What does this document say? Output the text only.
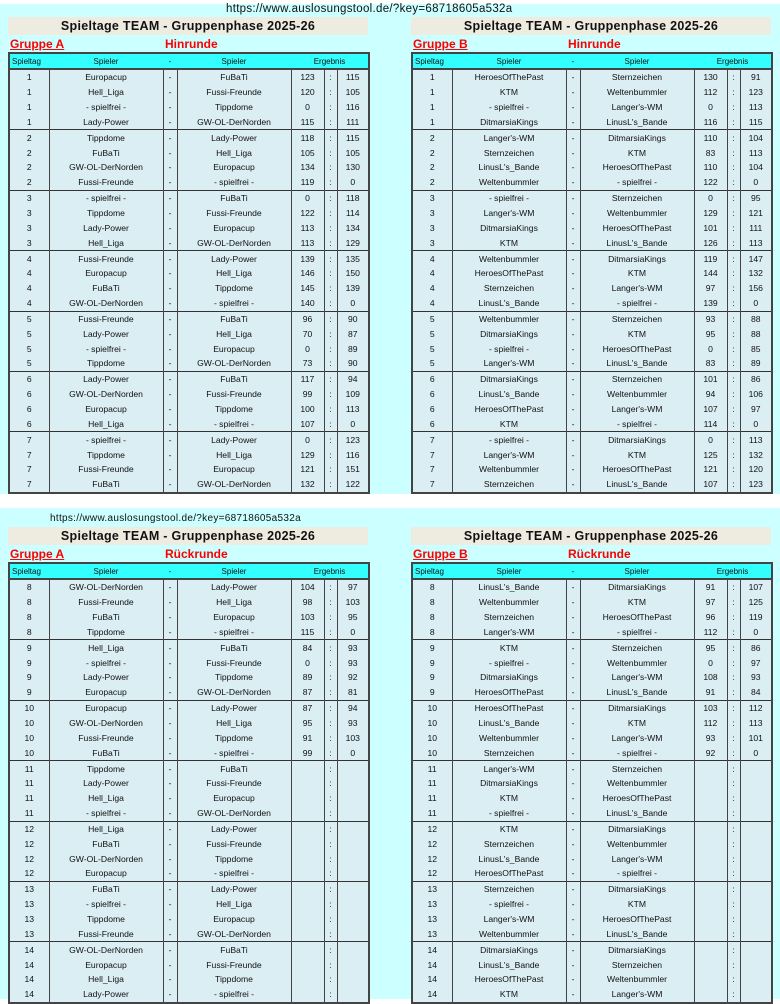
https://www.auslosungstool.de/?key=68718605a532a
https://www.auslosungstool.de/?key=68718605a532a
Spieltage TEAM - Gruppenphase 2025-26
Gruppe A	Hinrunde
Spieltag	Spieler	-	Spieler	Ergebnis		
1	Europacup	-	FuBaTi	123	:	115
1	Hell_Liga	-	Fussi-Freunde	120	:	105
1	- spielfrei -	-	Tippdome	0	:	116
1	Lady-Power	-	GW-OL-DerNorden	115	:	111
2	Tippdome	-	Lady-Power	118	:	115
2	FuBaTi	-	Hell_Liga	105	:	105
2	GW-OL-DerNorden	-	Europacup	134	:	130
2	Fussi-Freunde	-	- spielfrei -	119	:	0
3	- spielfrei -	-	FuBaTi	0	:	118
3	Tippdome	-	Fussi-Freunde	122	:	114
3	Lady-Power	-	Europacup	113	:	134
3	Hell_Liga	-	GW-OL-DerNorden	113	:	129
4	Fussi-Freunde	-	Lady-Power	139	:	135
4	Europacup	-	Hell_Liga	146	:	150
4	FuBaTi	-	Tippdome	145	:	139
4	GW-OL-DerNorden	-	- spielfrei -	140	:	0
5	Fussi-Freunde	-	FuBaTi	96	:	90
5	Lady-Power	-	Hell_Liga	70	:	87
5	- spielfrei -	-	Europacup	0	:	89
5	Tippdome	-	GW-OL-DerNorden	73	:	90
6	Lady-Power	-	FuBaTi	117	:	94
6	GW-OL-DerNorden	-	Fussi-Freunde	99	:	109
6	Europacup	-	Tippdome	100	:	113
6	Hell_Liga	-	- spielfrei -	107	:	0
7	- spielfrei -	-	Lady-Power	0	:	123
7	Tippdome	-	Hell_Liga	129	:	116
7	Fussi-Freunde	-	Europacup	121	:	151
7	FuBaTi	-	GW-OL-DerNorden	132	:	122
Spieltage TEAM - Gruppenphase 2025-26
Gruppe B	Hinrunde
Spieltag	Spieler	-	Spieler	Ergebnis		
1	HeroesOfThePast	-	Sternzeichen	130	:	91
1	KTM	-	Weltenbummler	112	:	123
1	- spielfrei -	-	Langer's-WM	0	:	113
1	DitmarsiaKings	-	LinusL's_Bande	116	:	115
2	Langer's-WM	-	DitmarsiaKings	110	:	104
2	Sternzeichen	-	KTM	83	:	113
2	LinusL's_Bande	-	HeroesOfThePast	110	:	104
2	Weltenbummler	-	- spielfrei -	122	:	0
3	- spielfrei -	-	Sternzeichen	0	:	95
3	Langer's-WM	-	Weltenbummler	129	:	121
3	DitmarsiaKings	-	HeroesOfThePast	101	:	111
3	KTM	-	LinusL's_Bande	126	:	113
4	Weltenbummler	-	DitmarsiaKings	119	:	147
4	HeroesOfThePast	-	KTM	144	:	132
4	Sternzeichen	-	Langer's-WM	97	:	156
4	LinusL's_Bande	-	- spielfrei -	139	:	0
5	Weltenbummler	-	Sternzeichen	93	:	88
5	DitmarsiaKings	-	KTM	95	:	88
5	- spielfrei -	-	HeroesOfThePast	0	:	85
5	Langer's-WM	-	LinusL's_Bande	83	:	89
6	DitmarsiaKings	-	Sternzeichen	101	:	86
6	LinusL's_Bande	-	Weltenbummler	94	:	106
6	HeroesOfThePast	-	Langer's-WM	107	:	97
6	KTM	-	- spielfrei -	114	:	0
7	- spielfrei -	-	DitmarsiaKings	0	:	113
7	Langer's-WM	-	KTM	125	:	132
7	Weltenbummler	-	HeroesOfThePast	121	:	120
7	Sternzeichen	-	LinusL's_Bande	107	:	123
Spieltage TEAM - Gruppenphase 2025-26
Gruppe A	Rückrunde
Spieltag	Spieler	-	Spieler	Ergebnis		
8	GW-OL-DerNorden	-	Lady-Power	104	:	97
8	Fussi-Freunde	-	Hell_Liga	98	:	103
8	FuBaTi	-	Europacup	103	:	95
8	Tippdome	-	- spielfrei -	115	:	0
9	Hell_Liga	-	FuBaTi	84	:	93
9	- spielfrei -	-	Fussi-Freunde	0	:	93
9	Lady-Power	-	Tippdome	89	:	92
9	Europacup	-	GW-OL-DerNorden	87	:	81
10	Europacup	-	Lady-Power	87	:	94
10	GW-OL-DerNorden	-	Hell_Liga	95	:	93
10	Fussi-Freunde	-	Tippdome	91	:	103
10	FuBaTi	-	- spielfrei -	99	:	0
11	Tippdome	-	FuBaTi		:	
11	Lady-Power	-	Fussi-Freunde		:	
11	Hell_Liga	-	Europacup		:	
11	- spielfrei -	-	GW-OL-DerNorden		:	
12	Hell_Liga	-	Lady-Power		:	
12	FuBaTi	-	Fussi-Freunde		:	
12	GW-OL-DerNorden	-	Tippdome		:	
12	Europacup	-	- spielfrei -		:	
13	FuBaTi	-	Lady-Power		:	
13	- spielfrei -	-	Hell_Liga		:	
13	Tippdome	-	Europacup		:	
13	Fussi-Freunde	-	GW-OL-DerNorden		:	
14	GW-OL-DerNorden	-	FuBaTi		:	
14	Europacup	-	Fussi-Freunde		:	
14	Hell_Liga	-	Tippdome		:	
14	Lady-Power	-	- spielfrei -		:	
Spieltage TEAM - Gruppenphase 2025-26
Gruppe B	Rückrunde
Spieltag	Spieler	-	Spieler	Ergebnis		
8	LinusL's_Bande	-	DitmarsiaKings	91	:	107
8	Weltenbummler	-	KTM	97	:	125
8	Sternzeichen	-	HeroesOfThePast	96	:	119
8	Langer's-WM	-	- spielfrei -	112	:	0
9	KTM	-	Sternzeichen	95	:	86
9	- spielfrei -	-	Weltenbummler	0	:	97
9	DitmarsiaKings	-	Langer's-WM	108	:	93
9	HeroesOfThePast	-	LinusL's_Bande	91	:	84
10	HeroesOfThePast	-	DitmarsiaKings	103	:	112
10	LinusL's_Bande	-	KTM	112	:	113
10	Weltenbummler	-	Langer's-WM	93	:	101
10	Sternzeichen	-	- spielfrei -	92	:	0
11	Langer's-WM	-	Sternzeichen		:	
11	DitmarsiaKings	-	Weltenbummler		:	
11	KTM	-	HeroesOfThePast		:	
11	- spielfrei -	-	LinusL's_Bande		:	
12	KTM	-	DitmarsiaKings		:	
12	Sternzeichen	-	Weltenbummler		:	
12	LinusL's_Bande	-	Langer's-WM		:	
12	HeroesOfThePast	-	- spielfrei -		:	
13	Sternzeichen	-	DitmarsiaKings		:	
13	- spielfrei -	-	KTM		:	
13	Langer's-WM	-	HeroesOfThePast		:	
13	Weltenbummler	-	LinusL's_Bande		:	
14	DitmarsiaKings	-	DitmarsiaKings		:	
14	LinusL's_Bande	-	Sternzeichen		:	
14	HeroesOfThePast	-	Weltenbummler		:	
14	KTM	-	Langer's-WM		:	
